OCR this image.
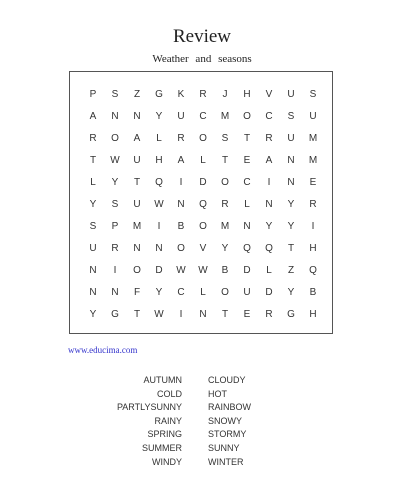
Review
Weather and seasons
P	S	Z	G	K	R	J	H	V	U	S
A	N	N	Y	U	C	M	O	C	S	U
R	O	A	L	R	O	S	T	R	U	M
T	W	U	H	A	L	T	E	A	N	M
L	Y	T	Q	I	D	O	C	I	N	E
Y	S	U	W	N	Q	R	L	N	Y	R
S	P	M	I	B	O	M	N	Y	Y	I
U	R	N	N	O	V	Y	Q	Q	T	H
N	I	O	D	W	W	B	D	L	Z	Q
N	N	F	Y	C	L	O	U	D	Y	B
Y	G	T	W	I	N	T	E	R	G	H
www.educima.com
AUTUMN	CLOUDY
COLD	HOT
PARTLYSUNNY	RAINBOW
RAINY	SNOWY
SPRING	STORMY
SUMMER	SUNNY
WINDY	WINTER
